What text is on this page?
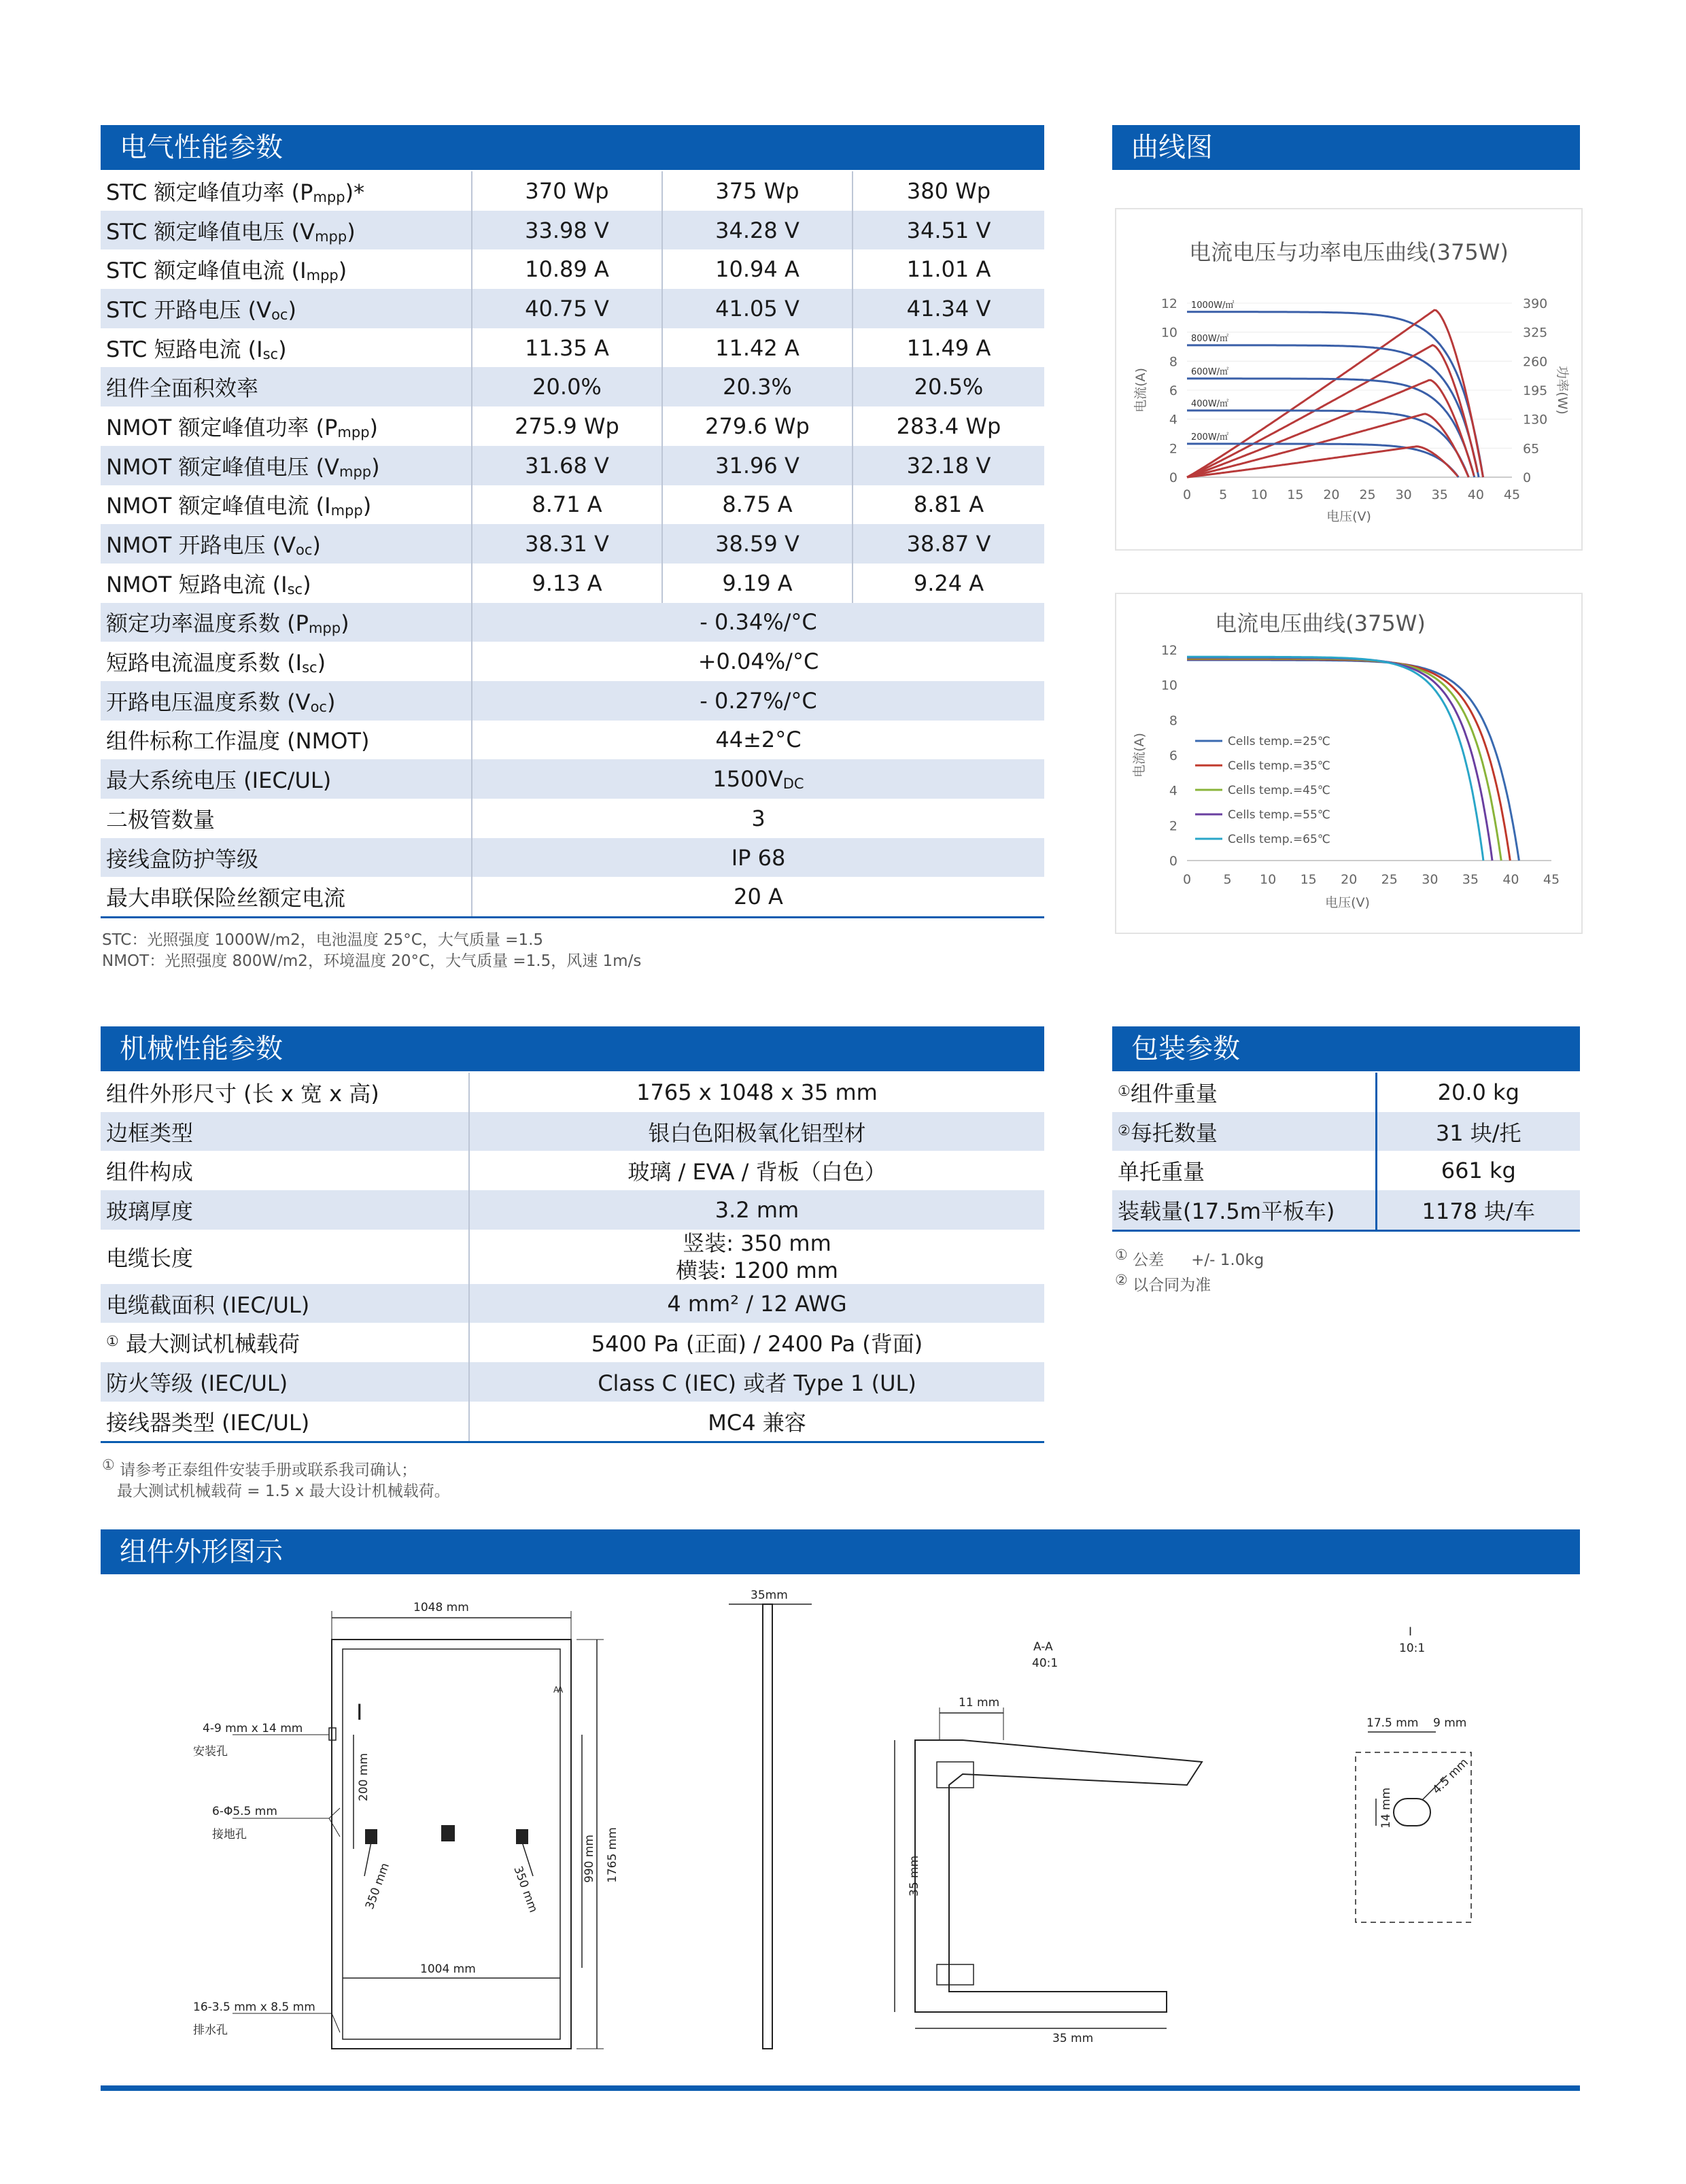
电气性能参数	曲线图
机械性能参数	包装参数
组件外形图示
STC 额定峰值功率 (Pmpp)*	370 Wp	375 Wp	380 Wp
STC 额定峰值电压 (Vmpp)	33.98 V	34.28 V	34.51 V
STC 额定峰值电流 (Impp)	10.89 A	10.94 A	11.01 A
STC 开路电压 (Voc)	40.75 V	41.05 V	41.34 V
STC 短路电流 (Isc)	11.35 A	11.42 A	11.49 A
组件全面积效率	20.0%	20.3%	20.5%
NMOT 额定峰值功率 (Pmpp)	275.9 Wp	279.6 Wp	283.4 Wp
NMOT 额定峰值电压 (Vmpp)	31.68 V	31.96 V	32.18 V
NMOT 额定峰值电流 (Impp)	8.71 A	8.75 A	8.81 A
NMOT 开路电压 (Voc)	38.31 V	38.59 V	38.87 V
NMOT 短路电流 (Isc)	9.13 A	9.19 A	9.24 A
额定功率温度系数 (Pmpp)	- 0.34%/°C		
短路电流温度系数 (Isc)	+0.04%/°C		
开路电压温度系数 (Voc)	- 0.27%/°C		
组件标称工作温度 (NMOT)	44±2°C		
最大系统电压 (IEC/UL)	1500VDC		
二极管数量	3		
接线盒防护等级	IP 68		
最大串联保险丝额定电流	20 A		
STC：光照强度 1000W/m2，电池温度 25°C，大气质量 =1.5
NMOT：光照强度 800W/m2，环境温度 20°C，大气质量 =1.5，风速 1m/s
组件外形尺寸 (长 x 宽 x 高)	1765 x 1048 x 35 mm
边框类型	银白色阳极氧化铝型材
组件构成	玻璃 / EVA / 背板（白色）
玻璃厚度	3.2 mm
电缆长度	竖装: 350 mm
横装: 1200 mm
电缆截面积 (IEC/UL)	4 mm² / 12 AWG
① 最大测试机械载荷	5400 Pa (正面) / 2400 Pa (背面)
防火等级 (IEC/UL)	Class C (IEC) 或者 Type 1 (UL)
接线器类型 (IEC/UL)	MC4 兼容
① 请参考正泰组件安装手册或联系我司确认；
最大测试机械载荷 = 1.5 x 最大设计机械载荷。
①组件重量	20.0 kg
②每托数量	31 块/托
单托重量	661 kg
装载量(17.5m平板车)	1178 块/车
① 公差 +/- 1.0kg
② 以合同为准
电流电压与功率电压曲线(375W)
0
2
4
6
8
10
12
0
65
130
195
260
325
390
0 5 10 15 20 25 30 35 40 45
电压(V)
电流(A)	功率(W)
1000W/㎡
800W/㎡
600W/㎡
400W/㎡
200W/㎡
电流电压曲线(375W)
0
2
4
6
8
10
12
0 5 10 15 20 25 30 35 40 45
电压(V)
电流(A)	Cells temp.=25℃
Cells temp.=35℃
Cells temp.=45℃
Cells temp.=55℃
Cells temp.=65℃
1048 mm
35mm
1004 mm
990 mm 1765 mm
200 mm
350 mm	350 mm
4-9 mm x 14 mm
安装孔
6-Φ5.5 mm
接地孔
16-3.5 mm x 8.5 mm
排水孔
I
A
A
A-A
40:1
11 mm
35 mm
35 mm
I
10:1
17.5 mm 9 mm
14 mm
4.5 mm
